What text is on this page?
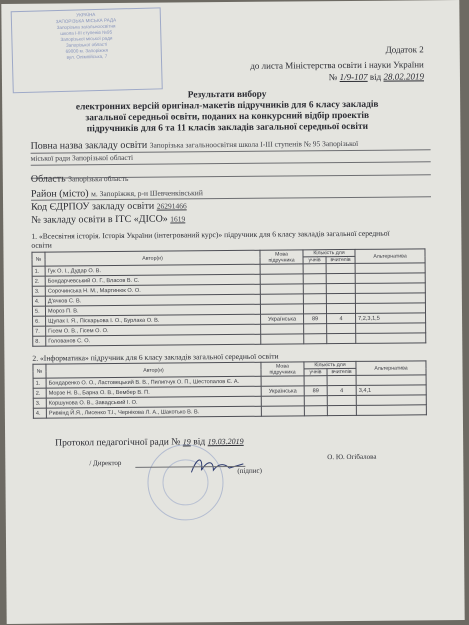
УКРАЇНА
ЗАПОРІЗЬКА МІСЬКА РАДА
Запорізька загальноосвітня
школа I-III ступенів №95
Запорізької міської ради
Запорізької області
69000 м. Запоріжжя
вул. Олімпійська, 7
Додаток 2
до листа Міністерства освіти і науки України
№ 1/9-107 від 28.02.2019
Результати вибору
електронних версій оригінал-макетів підручників для 6 класу закладів
загальної середньої освіти, поданих на конкурсний відбір проектів
підручників для 6 та 11 класів закладів загальної середньої освіти
Повна назва закладу освіти Запорізька загальноосвітня школа І-ІІІ ступенів № 95 Запорізької
міської ради Запорізької області
Область Запорізька область
Район (місто) м. Запоріжжя, р-н Шевченківський
Код ЄДРПОУ закладу освіти 26291466
№ закладу освіти в ІТС «ДІСО» 1619
1. «Всесвітня історія. Історія України (інтегрований курс)» підручник для 6 класу закладів загальної середньої освіти
№	Автор(и)	Мова підручника	Кількість для		Альтернатива
			учнів	вчителів	
1.	Гук О. І., Дудар О. В.				
2.	Бондарчевський О. Г., Власов В. С.				
3.	Сорочинська Н. М., Мартинюк О. О.				
4.	Д'ячков С. В.				
5.	Мороз П. В.				
6.	Щупак І. Я., Піскарьова І. О., Бурлака О. В.	Українська	89	4	7,2,3,1,5
7.	Гісем О. В., Гісем О. О.				
8.	Голованов С. О.				
2. «Інформатика» підручник для 6 класу закладів загальної середньої освіти
№	Автор(и)	Мова підручника	Кількість для		Альтернатива
			учнів	вчителів	
1.	Бондаренко О. О., Ластовецький В. В., Пилипчук О. П., Шестопалов Є. А.				
2.	Морзе Н. В., Барна О. В., Вембер В. П.	Українська	89	4	3,4,1
3.	Коршунова О. В., Завадський І. О.				
4.	Ривкінд Й.Я., Лисенко Т.І., Чернікова Л. А., Шакотько В. В.				
Протокол педагогічної ради № 19 від 19.03.2019
/ Директор
(підпис)
О. Ю. Огібалова
